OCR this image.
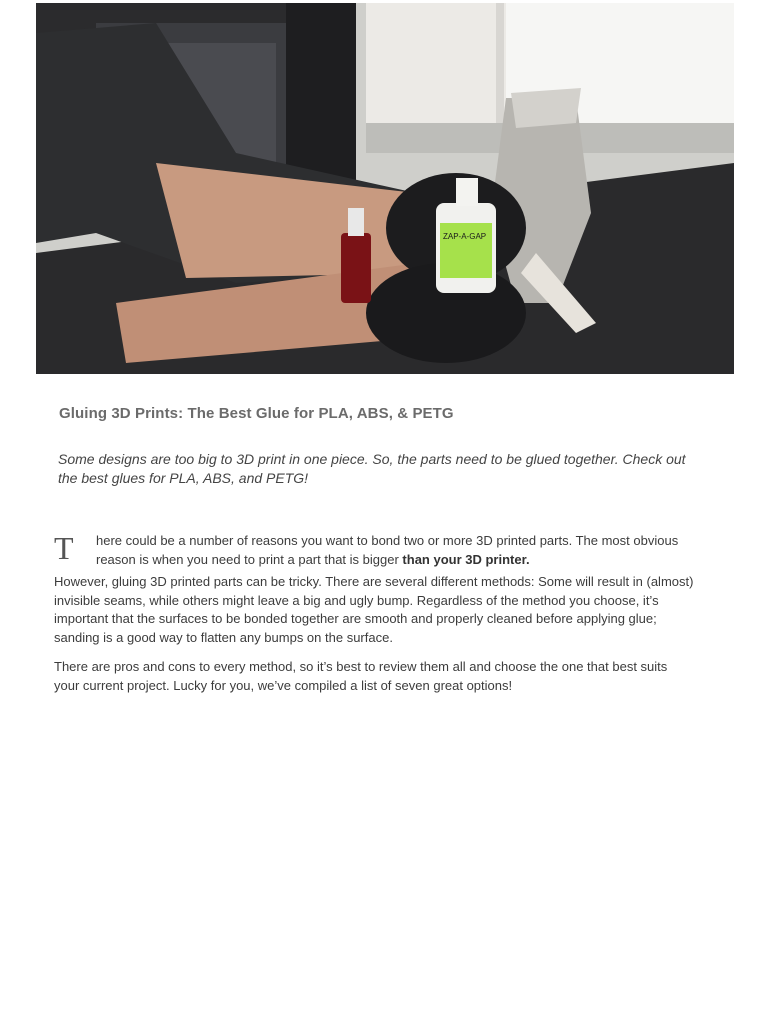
ZAP-A-GAP
Gluing 3D Prints: The Best Glue for PLA, ABS, & PETG

Some designs are too big to 3D print in one piece. So, the parts need to be glued together. Check out the best glues for PLA, ABS, and PETG!

T here could be a number of reasons you want to bond two or more 3D printed parts. The most obvious reason is when you need to print a part that is bigger than your 3D printer.

However, gluing 3D printed parts can be tricky. There are several different methods: Some will result in (almost) invisible seams, while others might leave a big and ugly bump. Regardless of the method you choose, it’s important that the surfaces to be bonded together are smooth and properly cleaned before applying glue; sanding is a good way to flatten any bumps on the surface.

There are pros and cons to every method, so it’s best to review them all and choose the one that best suits your current project. Lucky for you, we’ve compiled a list of seven great options!
